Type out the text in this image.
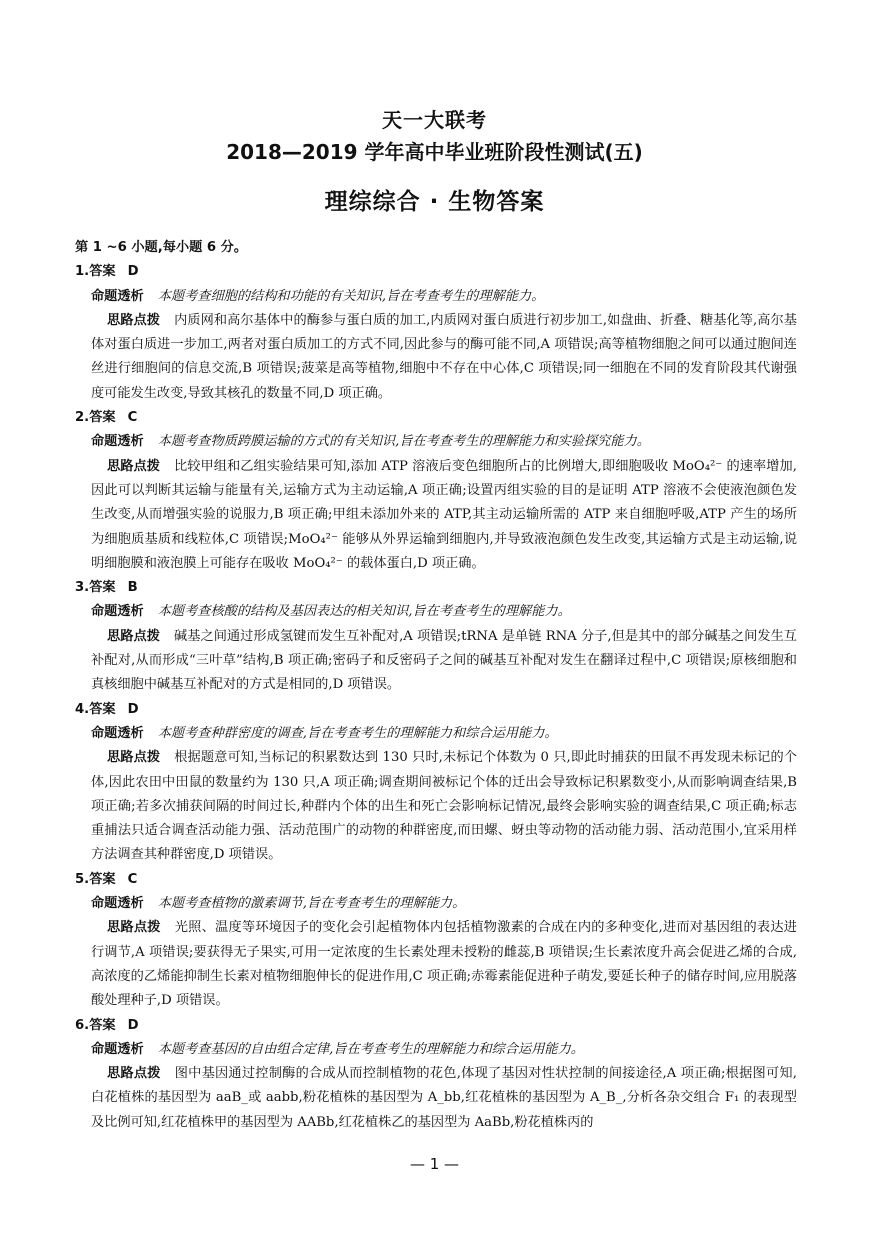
天一大联考
2018—2019 学年高中毕业班阶段性测试(五)
理综综合 · 生物答案

第 1 ~6 小题,每小题 6 分。

1.答案 D

命题透析 本题考查细胞的结构和功能的有关知识,旨在考查考生的理解能力。

思路点拨 内质网和高尔基体中的酶参与蛋白质的加工,内质网对蛋白质进行初步加工,如盘曲、折叠、糖基化等,高尔基体对蛋白质进一步加工,两者对蛋白质加工的方式不同,因此参与的酶可能不同,A 项错误;高等植物细胞之间可以通过胞间连丝进行细胞间的信息交流,B 项错误;菠菜是高等植物,细胞中不存在中心体,C 项错误;同一细胞在不同的发育阶段其代谢强度可能发生改变,导致其核孔的数量不同,D 项正确。

2.答案 C

命题透析 本题考查物质跨膜运输的方式的有关知识,旨在考查考生的理解能力和实验探究能力。

思路点拨 比较甲组和乙组实验结果可知,添加 ATP 溶液后变色细胞所占的比例增大,即细胞吸收 MoO₄²⁻ 的速率增加,因此可以判断其运输与能量有关,运输方式为主动运输,A 项正确;设置丙组实验的目的是证明 ATP 溶液不会使液泡颜色发生改变,从而增强实验的说服力,B 项正确;甲组未添加外来的 ATP,其主动运输所需的 ATP 来自细胞呼吸,ATP 产生的场所为细胞质基质和线粒体,C 项错误;MoO₄²⁻ 能够从外界运输到细胞内,并导致液泡颜色发生改变,其运输方式是主动运输,说明细胞膜和液泡膜上可能存在吸收 MoO₄²⁻ 的载体蛋白,D 项正确。

3.答案 B

命题透析 本题考查核酸的结构及基因表达的相关知识,旨在考查考生的理解能力。

思路点拨 碱基之间通过形成氢键而发生互补配对,A 项错误;tRNA 是单链 RNA 分子,但是其中的部分碱基之间发生互补配对,从而形成“三叶草”结构,B 项正确;密码子和反密码子之间的碱基互补配对发生在翻译过程中,C 项错误;原核细胞和真核细胞中碱基互补配对的方式是相同的,D 项错误。

4.答案 D

命题透析 本题考查种群密度的调查,旨在考查考生的理解能力和综合运用能力。

思路点拨 根据题意可知,当标记的积累数达到 130 只时,未标记个体数为 0 只,即此时捕获的田鼠不再发现未标记的个体,因此农田中田鼠的数量约为 130 只,A 项正确;调查期间被标记个体的迁出会导致标记积累数变小,从而影响调查结果,B 项正确;若多次捕获间隔的时间过长,种群内个体的出生和死亡会影响标记情况,最终会影响实验的调查结果,C 项正确;标志重捕法只适合调查活动能力强、活动范围广的动物的种群密度,而田螺、蚜虫等动物的活动能力弱、活动范围小,宜采用样方法调查其种群密度,D 项错误。

5.答案 C

命题透析 本题考查植物的激素调节,旨在考查考生的理解能力。

思路点拨 光照、温度等环境因子的变化会引起植物体内包括植物激素的合成在内的多种变化,进而对基因组的表达进行调节,A 项错误;要获得无子果实,可用一定浓度的生长素处理未授粉的雌蕊,B 项错误;生长素浓度升高会促进乙烯的合成,高浓度的乙烯能抑制生长素对植物细胞伸长的促进作用,C 项正确;赤霉素能促进种子萌发,要延长种子的储存时间,应用脱落酸处理种子,D 项错误。

6.答案 D

命题透析 本题考查基因的自由组合定律,旨在考查考生的理解能力和综合运用能力。

思路点拨 图中基因通过控制酶的合成从而控制植物的花色,体现了基因对性状控制的间接途径,A 项正确;根据图可知,白花植株的基因型为 aaB_或 aabb,粉花植株的基因型为 A_bb,红花植株的基因型为 A_B_,分析各杂交组合 F₁ 的表现型及比例可知,红花植株甲的基因型为 AABb,红花植株乙的基因型为 AaBb,粉花植株丙的

— 1 —
